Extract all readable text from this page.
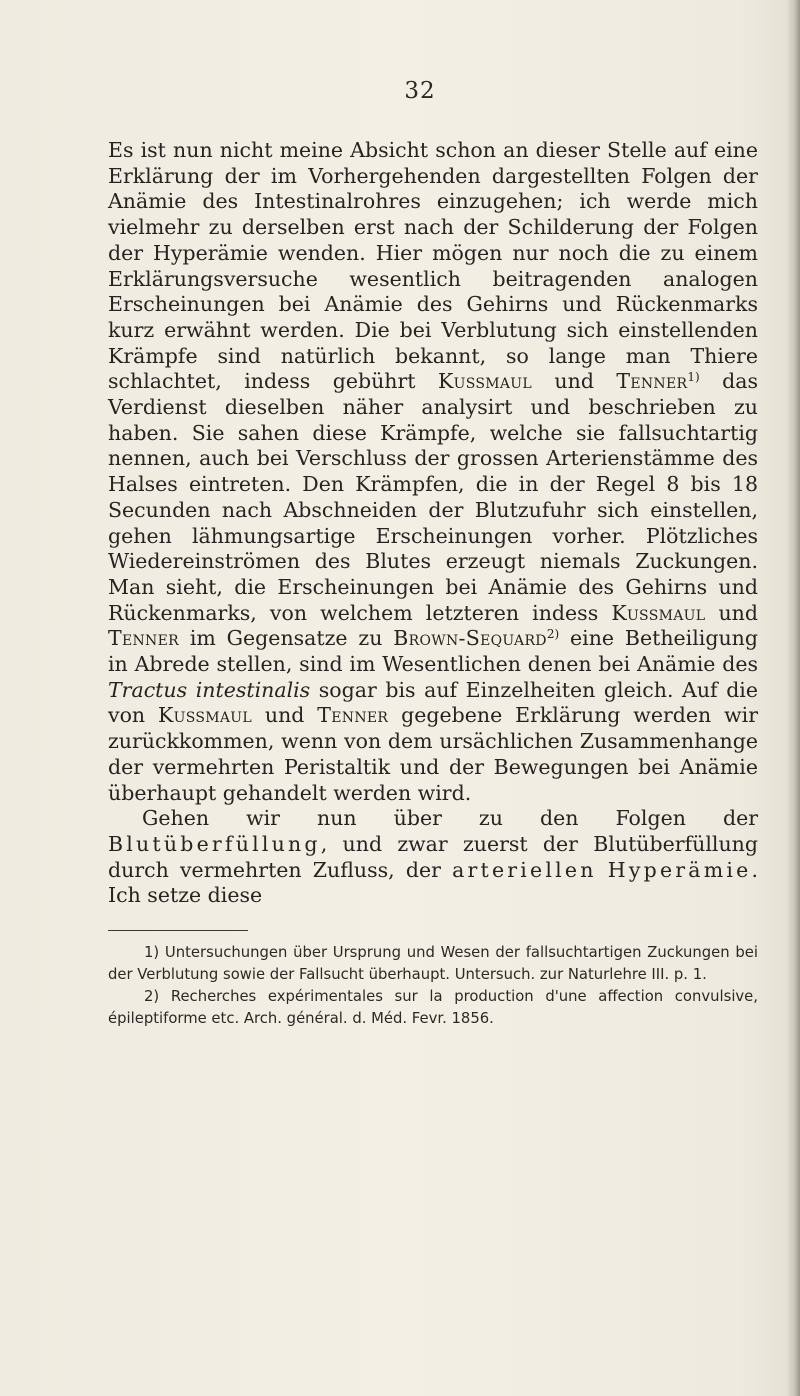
32

Es ist nun nicht meine Absicht schon an dieser Stelle auf eine Erklärung der im Vorhergehenden dargestellten Folgen der Anämie des Intestinalrohres einzugehen; ich werde mich vielmehr zu derselben erst nach der Schilderung der Folgen der Hyperämie wenden. Hier mögen nur noch die zu einem Erklärungsversuche wesentlich beitragenden analogen Erscheinungen bei Anämie des Gehirns und Rückenmarks kurz erwähnt werden. Die bei Verblutung sich einstellenden Krämpfe sind natürlich bekannt, so lange man Thiere schlachtet, indess gebührt Kussmaul und Tenner$^{1)}$ das Verdienst dieselben näher analysirt und beschrieben zu haben. Sie sahen diese Krämpfe, welche sie fallsuchtartig nennen, auch bei Verschluss der grossen Arterienstämme des Halses eintreten. Den Krämpfen, die in der Regel 8 bis 18 Secunden nach Abschneiden der Blutzufuhr sich einstellen, gehen lähmungsartige Erscheinungen vorher. Plötzliches Wiedereinströmen des Blutes erzeugt niemals Zuckungen. Man sieht, die Erscheinungen bei Anämie des Gehirns und Rückenmarks, von welchem letzteren indess Kussmaul und Tenner im Gegensatze zu Brown-Sequard$^{2)}$ eine Betheiligung in Abrede stellen, sind im Wesentlichen denen bei Anämie des Tractus intestinalis sogar bis auf Einzelheiten gleich. Auf die von Kussmaul und Tenner gegebene Erklärung werden wir zurückkommen, wenn von dem ursächlichen Zusammenhange der vermehrten Peristaltik und der Bewegungen bei Anämie überhaupt gehandelt werden wird.

Gehen wir nun über zu den Folgen der Blutüberfüllung, und zwar zuerst der Blutüberfüllung durch vermehrten Zufluss, der arteriellen Hyperämie. Ich setze diese

1) Untersuchungen über Ursprung und Wesen der fallsuchtartigen Zuckungen bei der Verblutung sowie der Fallsucht überhaupt. Untersuch. zur Naturlehre III. p. 1.

2) Recherches expérimentales sur la production d'une affection convulsive, épileptiforme etc. Arch. général. d. Méd. Fevr. 1856.
